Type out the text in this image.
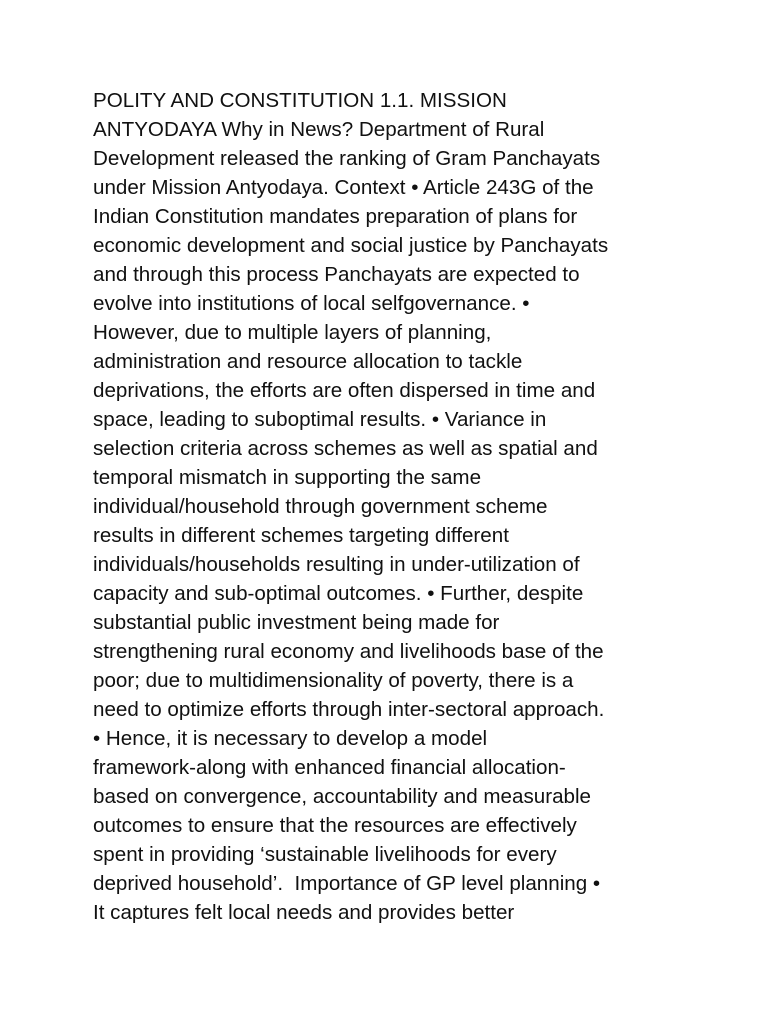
POLITY AND CONSTITUTION 1.1. MISSION
ANTYODAYA Why in News? Department of Rural
Development released the ranking of Gram Panchayats
under Mission Antyodaya. Context • Article 243G of the
Indian Constitution mandates preparation of plans for
economic development and social justice by Panchayats
and through this process Panchayats are expected to
evolve into institutions of local selfgovernance. •
However, due to multiple layers of planning,
administration and resource allocation to tackle
deprivations, the efforts are often dispersed in time and
space, leading to suboptimal results. • Variance in
selection criteria across schemes as well as spatial and
temporal mismatch in supporting the same
individual/household through government scheme
results in different schemes targeting different
individuals/households resulting in under-utilization of
capacity and sub-optimal outcomes. • Further, despite
substantial public investment being made for
strengthening rural economy and livelihoods base of the
poor; due to multidimensionality of poverty, there is a
need to optimize efforts through inter-sectoral approach.
• Hence, it is necessary to develop a model
framework-along with enhanced financial allocation-
based on convergence, accountability and measurable
outcomes to ensure that the resources are effectively
spent in providing ‘sustainable livelihoods for every
deprived household’.  Importance of GP level planning •
It captures felt local needs and provides better
